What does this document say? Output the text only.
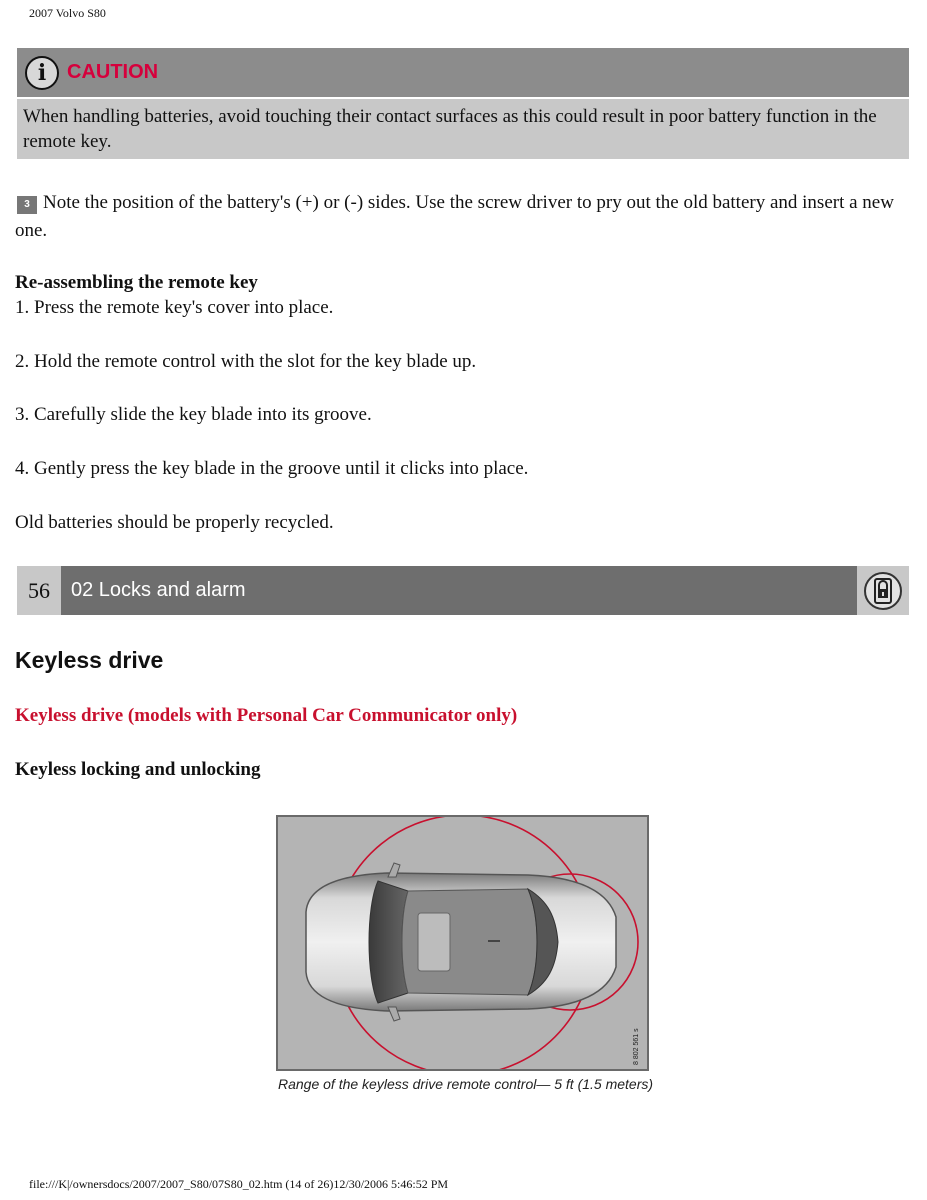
2007 Volvo S80
i CAUTION
When handling batteries, avoid touching their contact surfaces as this could result in poor battery function in the remote key.
3 Note the position of the battery's (+) or (-) sides. Use the screw driver to pry out the old battery and insert a new one.
Re-assembling the remote key
1. Press the remote key's cover into place.
2. Hold the remote control with the slot for the key blade up.
3. Carefully slide the key blade into its groove.
4. Gently press the key blade in the groove until it clicks into place.
Old batteries should be properly recycled.
56	02 Locks and alarm
Keyless drive
Keyless drive (models with Personal Car Communicator only)
Keyless locking and unlocking
8 802 561 s
Range of the keyless drive remote control— 5 ft (1.5 meters)
file:///K|/ownersdocs/2007/2007_S80/07S80_02.htm (14 of 26)12/30/2006 5:46:52 PM
